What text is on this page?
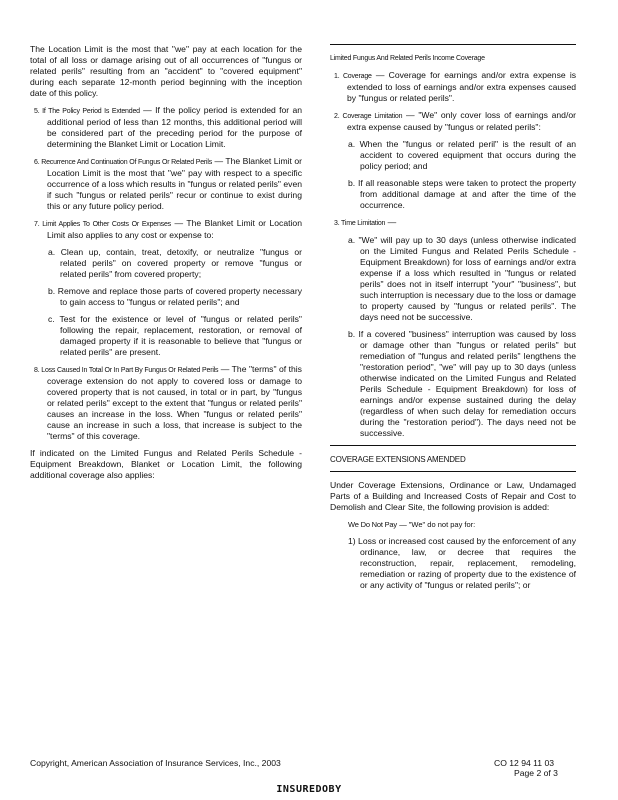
The Location Limit is the most that "we" pay at each location for the total of all loss or damage arising out of all occurrences of "fungus or related perils" resulting from an "accident" to "covered equipment" during each separate 12-month period beginning with the inception date of this policy.

5. If The Policy Period Is Extended — If the policy period is extended for an additional period of less than 12 months, this additional period will be considered part of the preceding period for the purpose of determining the Blanket Limit or Location Limit.

6. Recurrence And Continuation Of Fungus Or Related Perils — The Blanket Limit or Location Limit is the most that "we" pay with respect to a specific occurrence of a loss which results in "fungus or related perils" even if such "fungus or related perils" recur or continue to exist during this or any future policy period.

7. Limit Applies To Other Costs Or Expenses — The Blanket Limit or Location Limit also applies to any cost or expense to:

a. Clean up, contain, treat, detoxify, or neutralize "fungus or related perils" on covered property or remove "fungus or related perils" from covered property;

b. Remove and replace those parts of covered property necessary to gain access to "fungus or related perils"; and

c. Test for the existence or level of "fungus or related perils" following the repair, replacement, restoration, or removal of damaged property if it is reasonable to believe that "fungus or related perils" are present.

8. Loss Caused In Total Or In Part By Fungus Or Related Perils — The "terms" of this coverage extension do not apply to covered loss or damage to covered property that is not caused, in total or in part, by "fungus or related perils" except to the extent that "fungus or related perils" causes an increase in the loss. When "fungus or related perils" cause an increase in such a loss, that increase is subject to the "terms" of this coverage.

If indicated on the Limited Fungus and Related Perils Schedule - Equipment Breakdown, Blanket or Location Limit, the following additional coverage also applies:

Limited Fungus And Related Perils Income Coverage

1. Coverage — Coverage for earnings and/or extra expense is extended to loss of earnings and/or extra expenses caused by "fungus or related perils".

2. Coverage Limitation — "We" only cover loss of earnings and/or extra expense caused by "fungus or related perils":

a. When the "fungus or related peril" is the result of an accident to covered equipment that occurs during the policy period; and

b. If all reasonable steps were taken to protect the property from additional damage at and after the time of the occurrence.

3. Time Limitation —

a. "We" will pay up to 30 days (unless otherwise indicated on the Limited Fungus and Related Perils Schedule - Equipment Breakdown) for loss of earnings and/or extra expense if a loss which resulted in "fungus or related perils" does not in itself interrupt "your" "business", but such interruption is necessary due to the loss or damage to property caused by "fungus or related perils". The days need not be successive.

b. If a covered "business" interruption was caused by loss or damage other than "fungus or related perils" but remediation of "fungus and related perils" lengthens the "restoration period", "we" will pay up to 30 days (unless otherwise indicated on the Limited Fungus and Related Perils Schedule - Equipment Breakdown) for loss of earnings and/or expense sustained during the delay (regardless of when such delay for remediation occurs during the "restoration period"). The days need not be successive.

COVERAGE EXTENSIONS AMENDED

Under Coverage Extensions, Ordinance or Law, Undamaged Parts of a Building and Increased Costs of Repair and Cost to Demolish and Clear Site, the following provision is added:

We Do Not Pay — "We" do not pay for:

1) Loss or increased cost caused by the enforcement of any ordinance, law, or decree that requires the reconstruction, repair, replacement, remodeling, remediation or razing of property due to the existence of or any activity of "fungus or related perils"; or

Copyright, American Association of Insurance Services, Inc., 2003	CO 12 94 11 03
Page 2 of 3
INSUREDOBY
